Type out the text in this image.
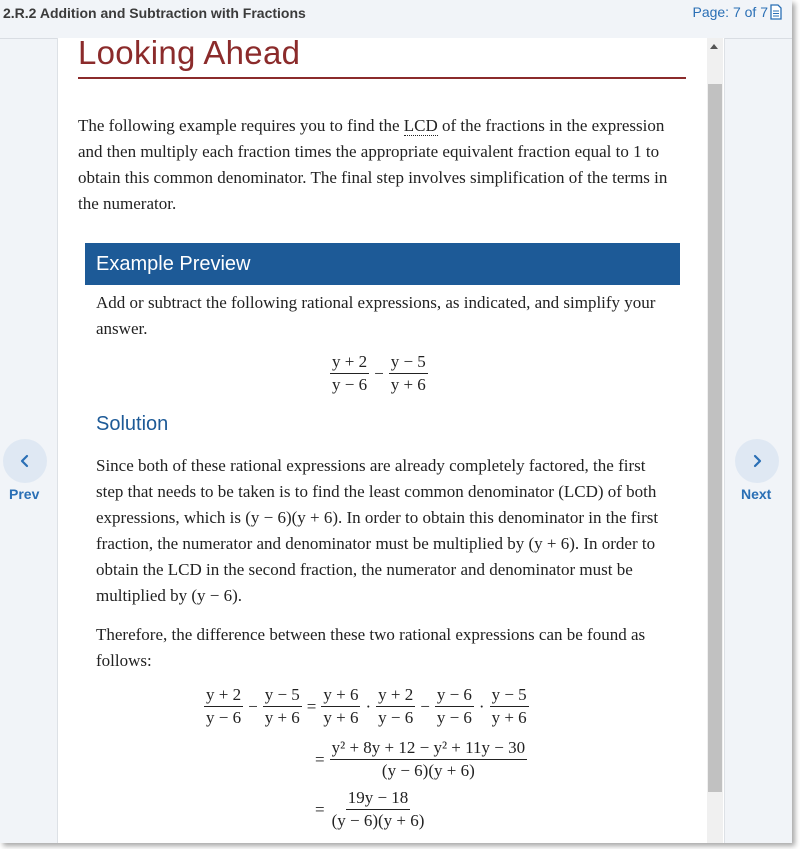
2.R.2 Addition and Subtraction with Fractions	Page: 7 of 7
Looking Ahead
The following example requires you to find the LCD of the fractions in the expression and then multiply each fraction times the appropriate equivalent fraction equal to 1 to obtain this common denominator. The final step involves simplification of the terms in the numerator.
Example Preview
Add or subtract the following rational expressions, as indicated, and simplify your answer.
$\frac{y + 2}{y - 6} - \frac{y - 5}{y + 6}$
Solution
Since both of these rational expressions are already completely factored, the first step that needs to be taken is to find the least common denominator (LCD) of both expressions, which is (y − 6)(y + 6). In order to obtain this denominator in the first fraction, the numerator and denominator must be multiplied by (y + 6). In order to obtain the LCD in the second fraction, the numerator and denominator must be multiplied by (y − 6).
Therefore, the difference between these two rational expressions can be found as follows:
$\frac{y + 2}{y - 6} - \frac{y - 5}{y + 6} = \frac{y + 6}{y + 6} \cdot \frac{y + 2}{y - 6} - \frac{y - 6}{y - 6} \cdot \frac{y - 5}{y + 6}$
= $\frac{\text{y² + 8y + 12 − y² + 11y − 30}}{(y - 6)(y + 6)}$
= $\frac{19y - 18}{(y - 6)(y + 6)}$
Prev	Next
